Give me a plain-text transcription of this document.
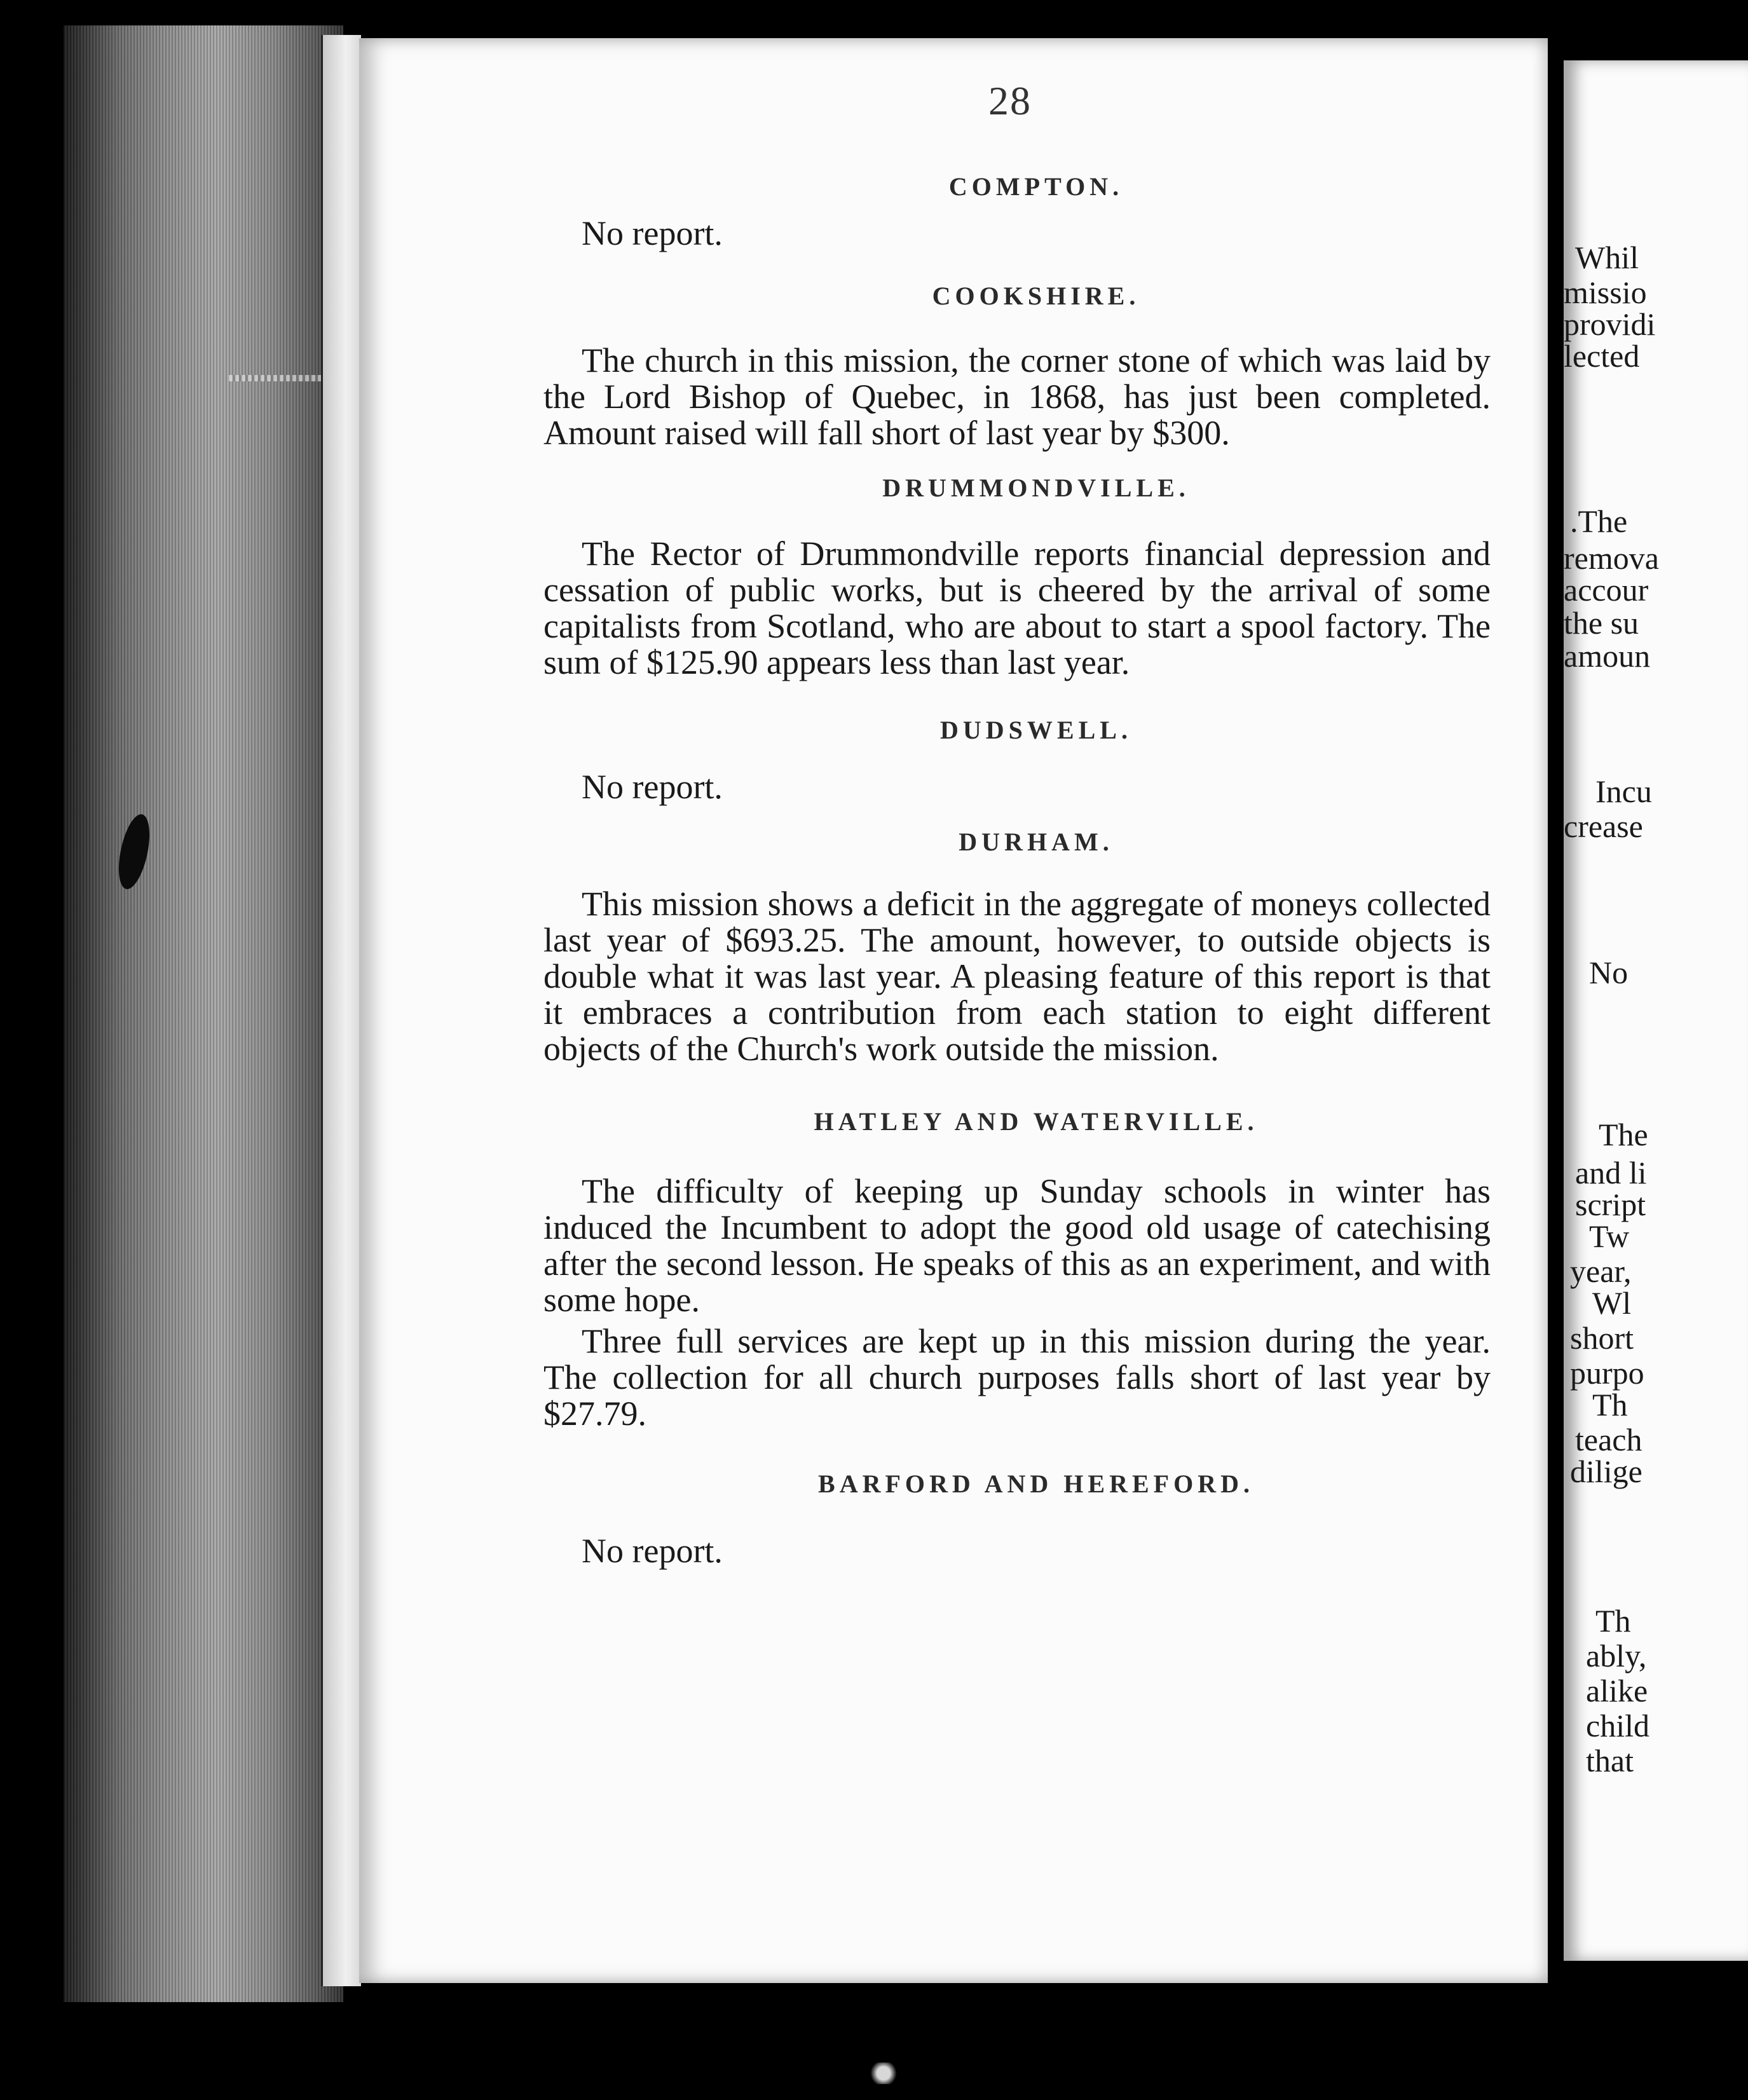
28
COMPTON.

No report.

COOKSHIRE.

The church in this mission, the corner stone of which was laid by the Lord Bishop of Quebec, in 1868, has just been completed. Amount raised will fall short of last year by $300.

DRUMMONDVILLE.

The Rector of Drummondville reports financial depression and cessation of public works, but is cheered by the arrival of some capitalists from Scotland, who are about to start a spool factory. The sum of $125.90 appears less than last year.

DUDSWELL.

No report.

DURHAM.

This mission shows a deficit in the aggregate of moneys collected last year of $693.25. The amount, however, to outside objects is double what it was last year. A pleasing feature of this report is that it embraces a contribution from each station to eight different objects of the Church's work outside the mission.

HATLEY AND WATERVILLE.

The difficulty of keeping up Sunday schools in winter has induced the Incumbent to adopt the good old usage of catechising after the second lesson. He speaks of this as an experiment, and with some hope.

Three full services are kept up in this mission during the year. The collection for all church purposes falls short of last year by $27.79.

BARFORD AND HEREFORD.

No report.

Whil
missio
providi
lected
.The
remova
accour
the su
amoun
Incu
crease
No
The
and li
script
Tw
year,
Wl
short
purpo
Th
teach
dilige
Th
ably,
alike
child
that
